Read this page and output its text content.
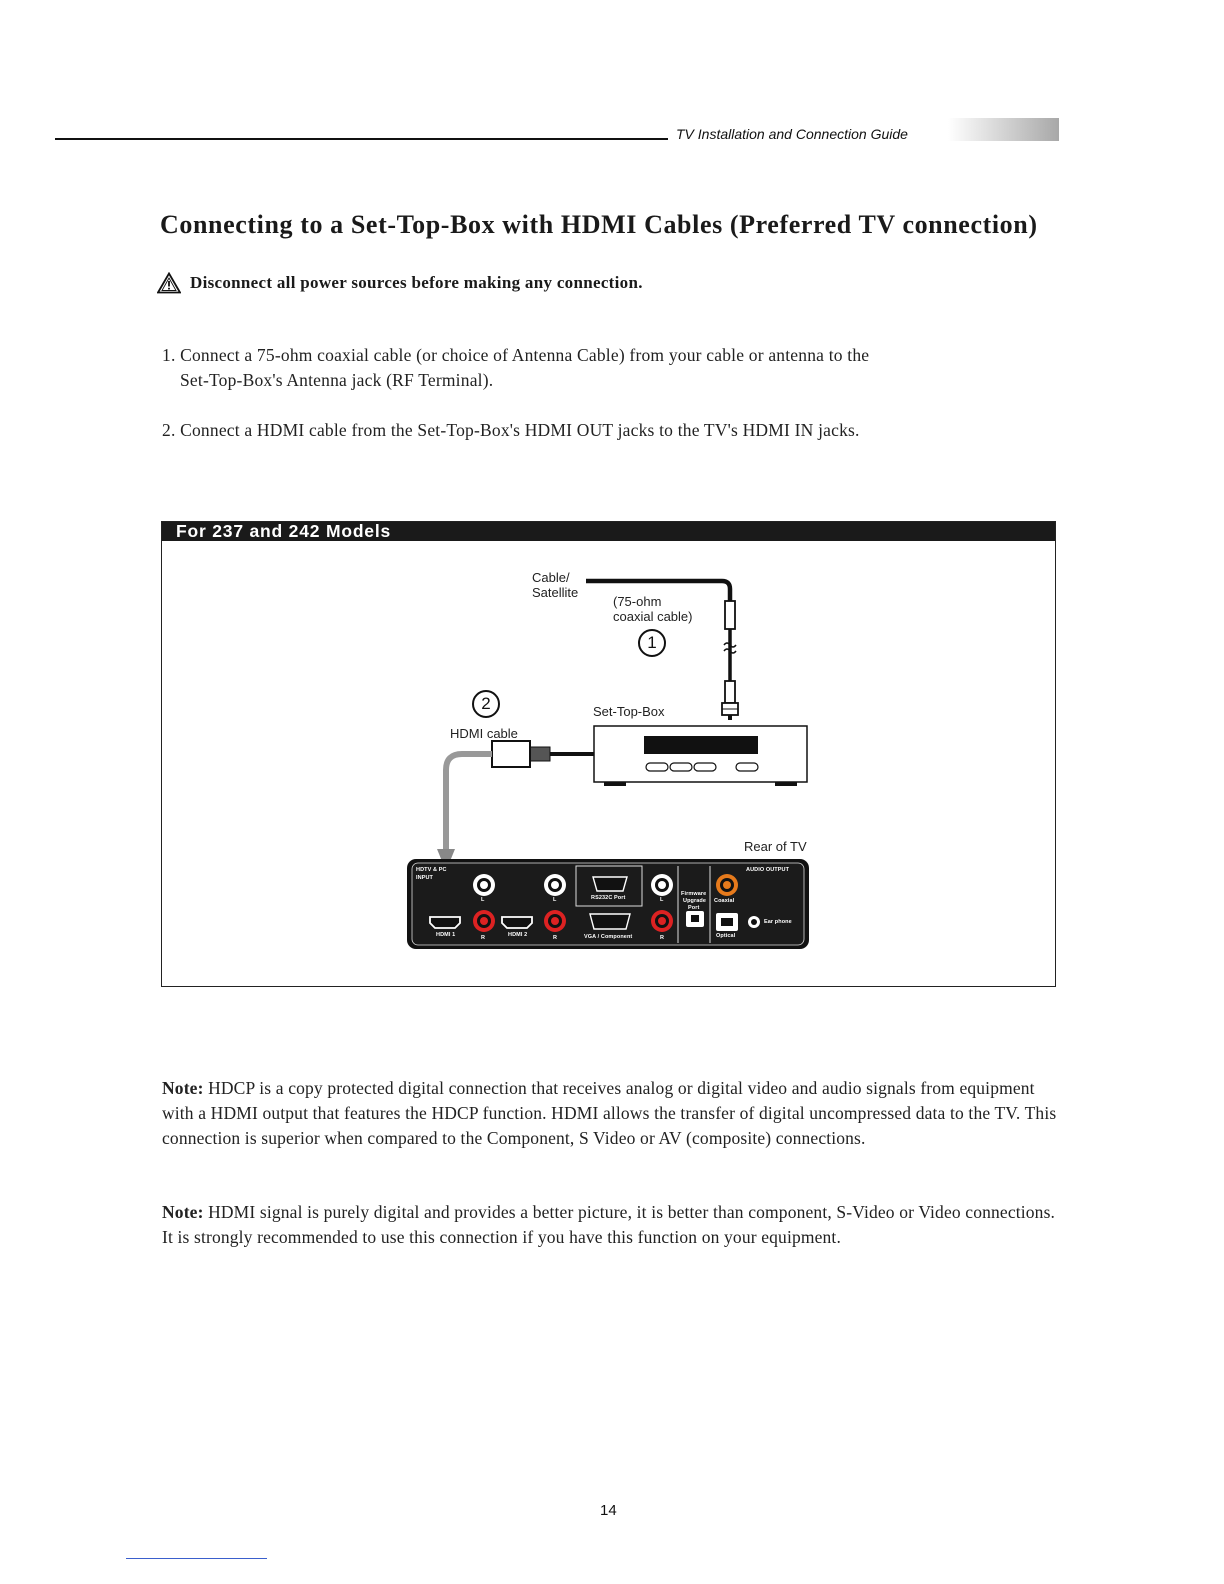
TV Installation and Connection Guide
Connecting to a Set-Top-Box with HDMI Cables (Preferred TV connection)
Disconnect all power sources before making any connection.
1. Connect a 75-ohm coaxial cable (or choice of Antenna Cable) from your cable or antenna to the
Set-Top-Box's Antenna jack (RF Terminal).
2. Connect a HDMI cable from the Set-Top-Box's HDMI OUT jacks to the TV's HDMI IN jacks.
For 237 and 242 Models
Cable/
Satellite
(75-ohm
coaxial cable)
1
2	Set-Top-Box
HDMI cable
Rear of TV
HDTV & PC
INPUT
L	L	L
RS232C Port
HDMI 1	HDMI 2
R	R	R
VGA / Component
Firmware
Upgrade
Port
AUDIO OUTPUT
Coaxial
Optical
Ear phone
Note: HDCP is a copy protected digital connection that receives analog or digital video and audio signals from equipment with a HDMI output that features the HDCP function. HDMI allows the transfer of digital uncompressed data to the TV. This connection is superior when compared to the Component, S Video or AV (composite) connections.
Note: HDMI signal is purely digital and provides a better picture, it is better than component, S-Video or Video connections. It is strongly recommended to use this connection if you have this function on your equipment.
14
